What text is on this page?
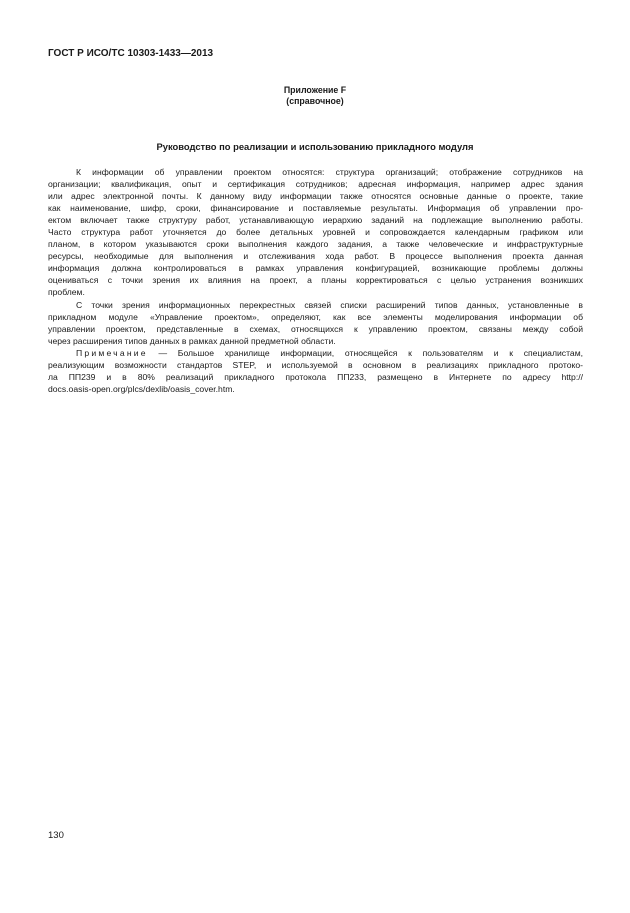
ГОСТ Р ИСО/ТС 10303-1433—2013
Приложение F
(справочное)
Руководство по реализации и использованию прикладного модуля
К информации об управлении проектом относятся: структура организаций; отображение сотрудников на
организации; квалификация, опыт и сертификация сотрудников; адресная информация, например адрес здания
или адрес электронной почты. К данному виду информации также относятся основные данные о проекте, такие
как наименование, шифр, сроки, финансирование и поставляемые результаты. Информация об управлении про-
ектом включает также структуру работ, устанавливающую иерархию заданий на подлежащие выполнению работы.
Часто структура работ уточняется до более детальных уровней и сопровождается календарным графиком или
планом, в котором указываются сроки выполнения каждого задания, а также человеческие и инфраструктурные
ресурсы, необходимые для выполнения и отслеживания хода работ. В процессе выполнения проекта данная
информация должна контролироваться в рамках управления конфигурацией, возникающие проблемы должны
оцениваться с точки зрения их влияния на проект, а планы корректироваться с целью устранения возникших
проблем.
С точки зрения информационных перекрестных связей списки расширений типов данных, установленные в
прикладном модуле «Управление проектом», определяют, как все элементы моделирования информации об
управлении проектом, представленные в схемах, относящихся к управлению проектом, связаны между собой
через расширения типов данных в рамках данной предметной области.
Примечание — Большое хранилище информации, относящейся к пользователям и к специалистам,
реализующим возможности стандартов STEP, и используемой в основном в реализациях прикладного протоко-
ла ПП239 и в 80% реализаций прикладного протокола ПП233, размещено в Интернете по адресу http://
docs.oasis-open.org/plcs/dexlib/oasis_cover.htm.
130
